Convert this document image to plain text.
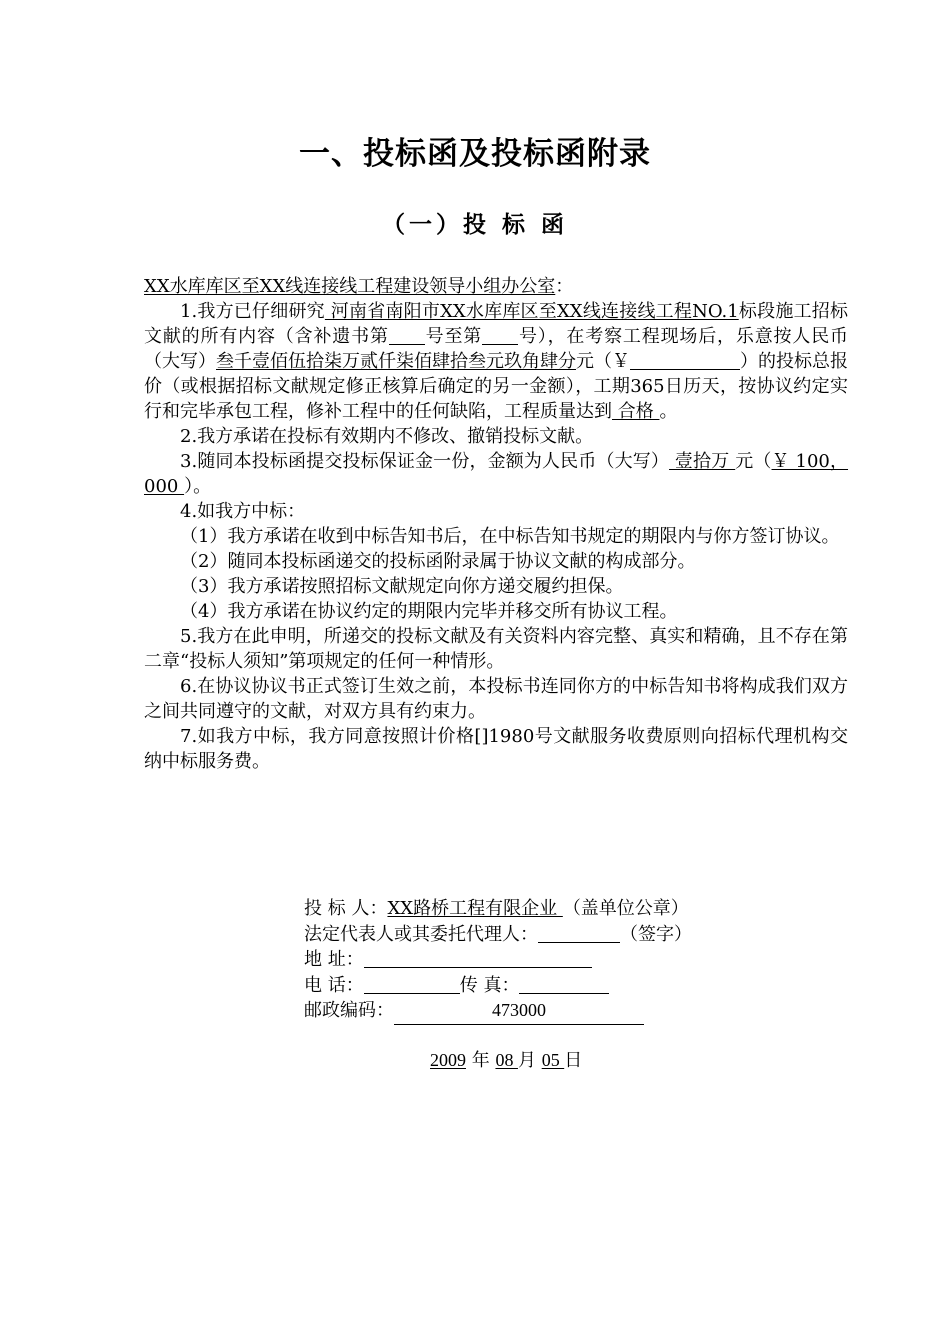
一、投标函及投标函附录
（一）投 标 函

XX水库库区至XX线连接线工程建设领导小组办公室：

1.我方已仔细研究 河南省南阳市XX水库库区至XX线连接线工程NO.1标段施工招标文献的所有内容（含补遗书第 号至第 号），在考察工程现场后，乐意按人民币（大写）叁千壹佰伍拾柒万贰仟柒佰肆拾叁元玖角肆分元（￥	）的投标总报价（或根据招标文献规定修正核算后确定的另一金额），工期365日历天，按协议约定实行和完毕承包工程，修补工程中的任何缺陷，工程质量达到 合格 。

2.我方承诺在投标有效期内不修改、撤销投标文献。

3.随同本投标函提交投标保证金一份，金额为人民币（大写） 壹拾万 元（￥ 100，000 ）。

4.如我方中标：

（1）我方承诺在收到中标告知书后，在中标告知书规定的期限内与你方签订协议。

（2）随同本投标函递交的投标函附录属于协议文献的构成部分。

（3）我方承诺按照招标文献规定向你方递交履约担保。

（4）我方承诺在协议约定的期限内完毕并移交所有协议工程。

5.我方在此申明，所递交的投标文献及有关资料内容完整、真实和精确，且不存在第二章“投标人须知”第项规定的任何一种情形。

6.在协议协议书正式签订生效之前，本投标书连同你方的中标告知书将构成我们双方之间共同遵守的文献，对双方具有约束力。

7.如我方中标，我方同意按照计价格[]1980号文献服务收费原则向招标代理机构交纳中标服务费。

投 标 人：XX路桥工程有限企业 （盖单位公章）
法定代表人或其委托代理人：	（签字）
地 址：
电 话：	传 真：
邮政编码：	473000
2009 年 08 月 05 日
